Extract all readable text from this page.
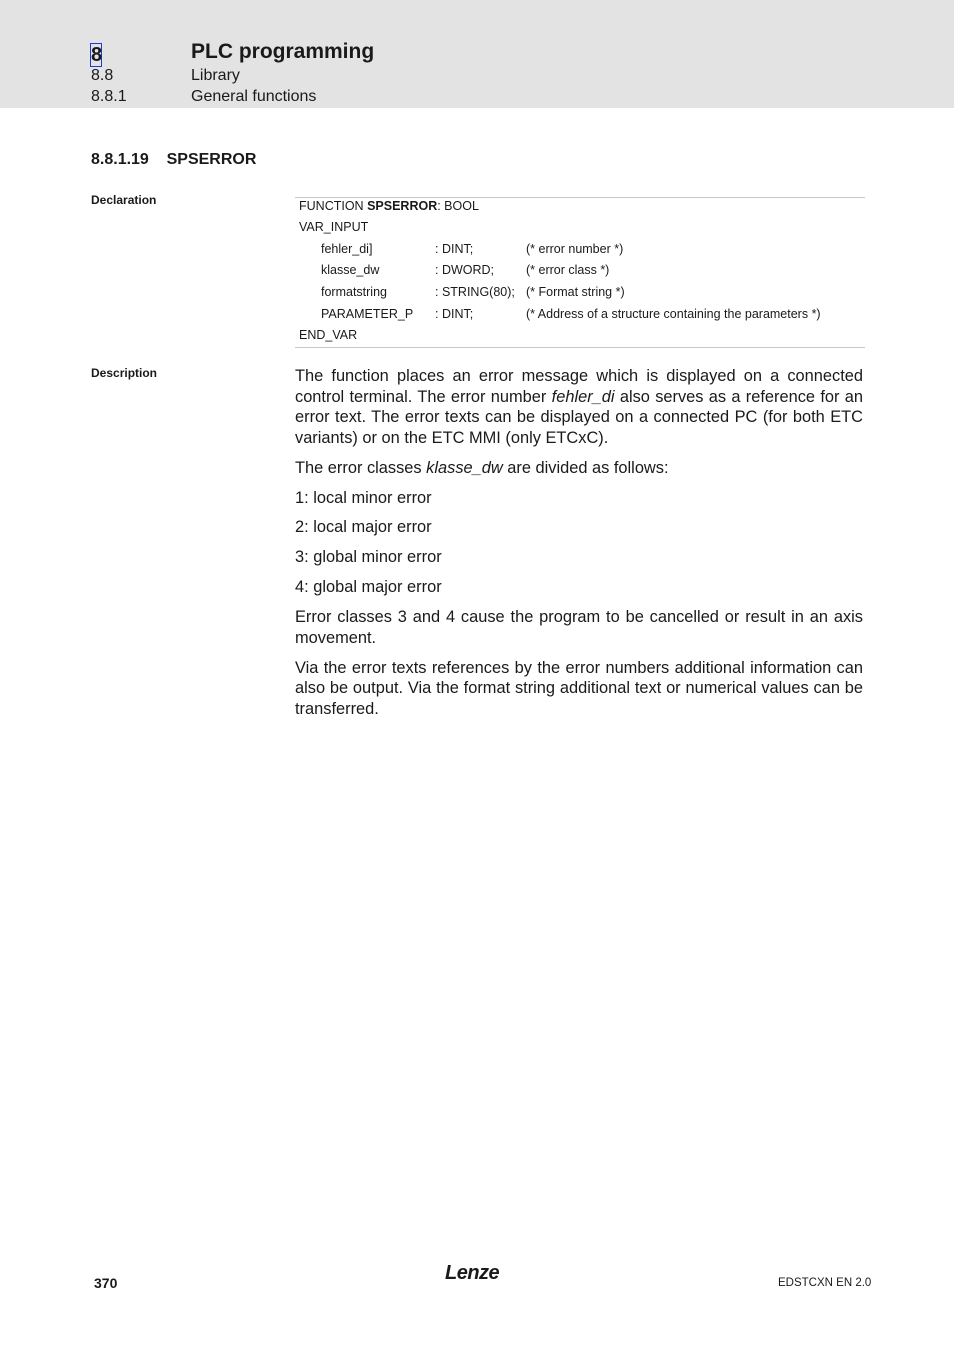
8	PLC programming
8.8	Library
8.8.1	General functions
8.8.1.19 SPSERROR
Declaration	FUNCTION SPSERROR: BOOL
VAR_INPUT
fehler_di]	: DINT;	(* error number *)
klasse_dw	: DWORD;	(* error class *)
formatstring	: STRING(80); (* Format string *)
PARAMETER_P : DINT;	(* Address of a structure containing the parameters *)
END_VAR
Description	The function places an error message which is displayed on a connected control terminal. The error number fehler_di also serves as a reference for an error text. The error texts can be displayed on a connected PC (for both ETC variants) or on the ETC MMI (only ETCxC).

The error classes klasse_dw are divided as follows:

1: local minor error

2: local major error

3: global minor error

4: global major error

Error classes 3 and 4 cause the program to be cancelled or result in an axis movement.

Via the error texts references by the error numbers additional information can also be output. Via the format string additional text or numerical values can be transferred.

370	Lenze	EDSTCXN EN 2.0
